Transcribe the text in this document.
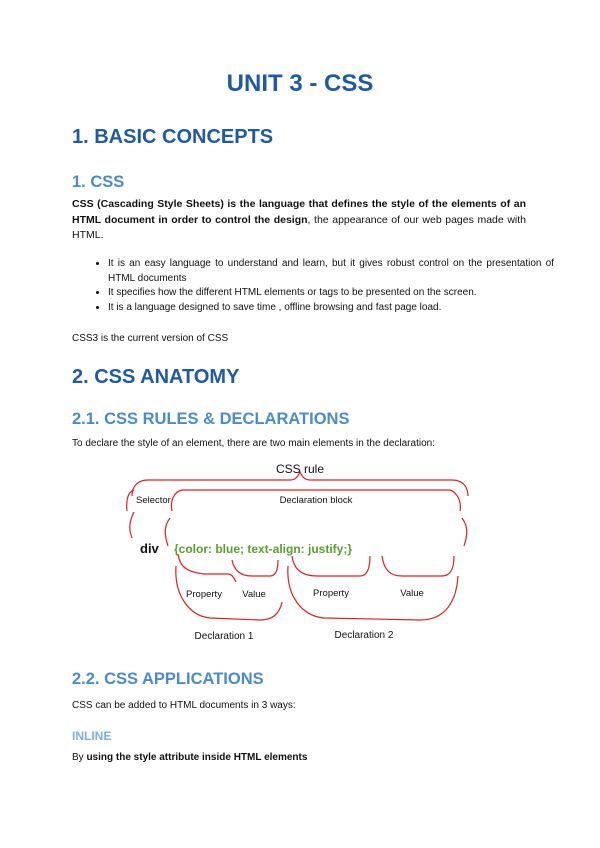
UNIT 3 - CSS
1. BASIC CONCEPTS
1. CSS

CSS (Cascading Style Sheets) is the language that defines the style of the elements of an HTML document in order to control the design, the appearance of our web pages made with HTML.

• It is an easy language to understand and learn, but it gives robust control on the presentation of HTML documents
• It specifies how the different HTML elements or tags to be presented on the screen.
• It is a language designed to save time , offline browsing and fast page load.

CSS3 is the current version of CSS

2. CSS ANATOMY
2.1. CSS RULES & DECLARATIONS

To declare the style of an element, there are two main elements in the declaration:

CSS rule
Selector	Declaration block
div {color: blue; text-align: justify;}
Property Value	Property	Value
Declaration 1	Declaration 2
2.2. CSS APPLICATIONS

CSS can be added to HTML documents in 3 ways:

INLINE

By using the style attribute inside HTML elements
